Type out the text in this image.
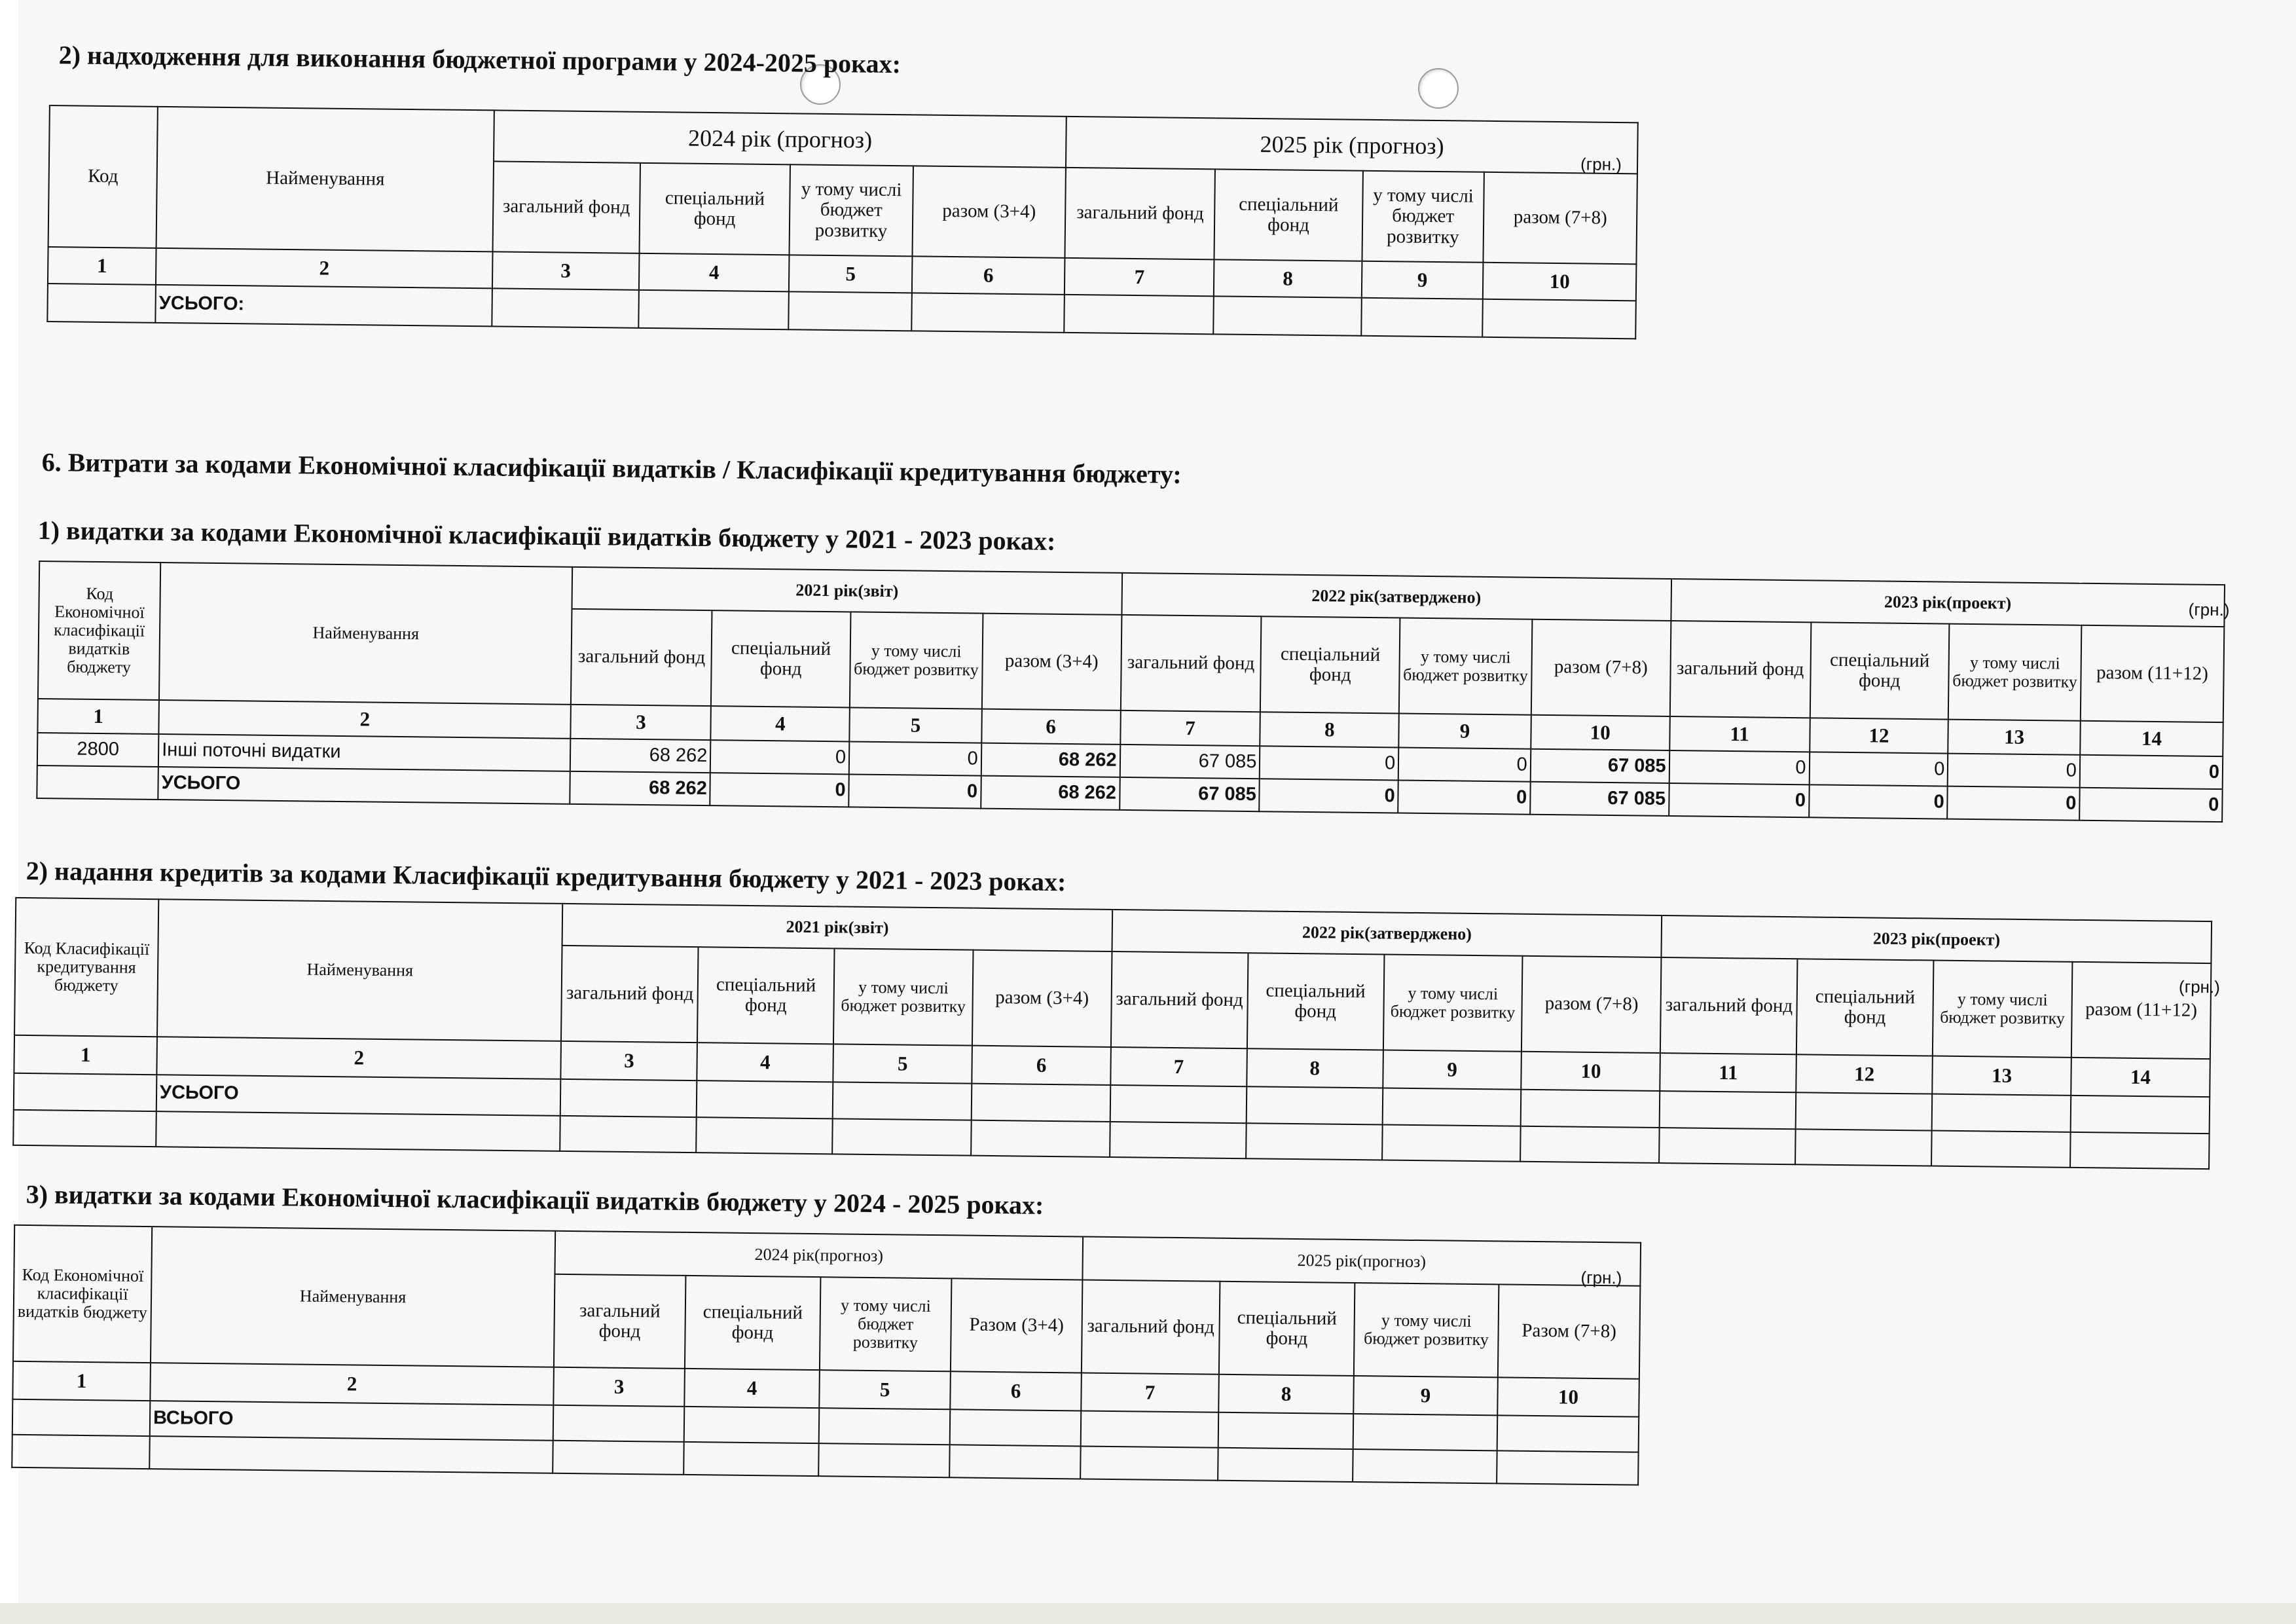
2) надходження для виконання бюджетної програми у 2024-2025 роках:
(грн.)
Код	Найменування	2024 рік (прогноз)				2025 рік (прогноз)			
		загальний фонд	спеціальний фонд	у тому числі бюджет розвитку	разом (3+4)	загальний фонд	спеціальний фонд	у тому числі бюджет розвитку	разом (7+8)
1	2	3	4	5	6	7	8	9	10
	УСЬОГО:								
6. Витрати за кодами Економічної класифікації видатків / Класифікації кредитування бюджету:
1) видатки за кодами Економічної класифікації видатків бюджету у 2021 - 2023 роках:
(грн.)
Код Економічної класифікації видатків бюджету	Найменування	2021 рік(звіт)				2022 рік(затверджено)				2023 рік(проект)			
		загальний фонд	спеціальний фонд	у тому числі бюджет розвитку	разом (3+4)	загальний фонд	спеціальний фонд	у тому числі бюджет розвитку	разом (7+8)	загальний фонд	спеціальний фонд	у тому числі бюджет розвитку	разом (11+12)
1	2	3	4	5	6	7	8	9	10	11	12	13	14
2800	Інші поточні видатки	68 262	0	0	68 262	67 085	0	0	67 085	0	0	0	0
	УСЬОГО	68 262	0	0	68 262	67 085	0	0	67 085	0	0	0	0
2) надання кредитів за кодами Класифікації кредитування бюджету у 2021 - 2023 роках:
(грн.)
Код Класифікації кредитування бюджету	Найменування	2021 рік(звіт)				2022 рік(затверджено)				2023 рік(проект)			
		загальний фонд	спеціальний фонд	у тому числі бюджет розвитку	разом (3+4)	загальний фонд	спеціальний фонд	у тому числі бюджет розвитку	разом (7+8)	загальний фонд	спеціальний фонд	у тому числі бюджет розвитку	разом (11+12)
1	2	3	4	5	6	7	8	9	10	11	12	13	14
	УСЬОГО												

3) видатки за кодами Економічної класифікації видатків бюджету у 2024 - 2025 роках:
(грн.)
Код Економічної класифікації видатків бюджету	Найменування	2024 рік(прогноз)				2025 рік(прогноз)			
		загальний фонд	спеціальний фонд	у тому числі бюджет розвитку	Разом (3+4)	загальний фонд	спеціальний фонд	у тому числі бюджет розвитку	Разом (7+8)
1	2	3	4	5	6	7	8	9	10
	ВСЬОГО								
